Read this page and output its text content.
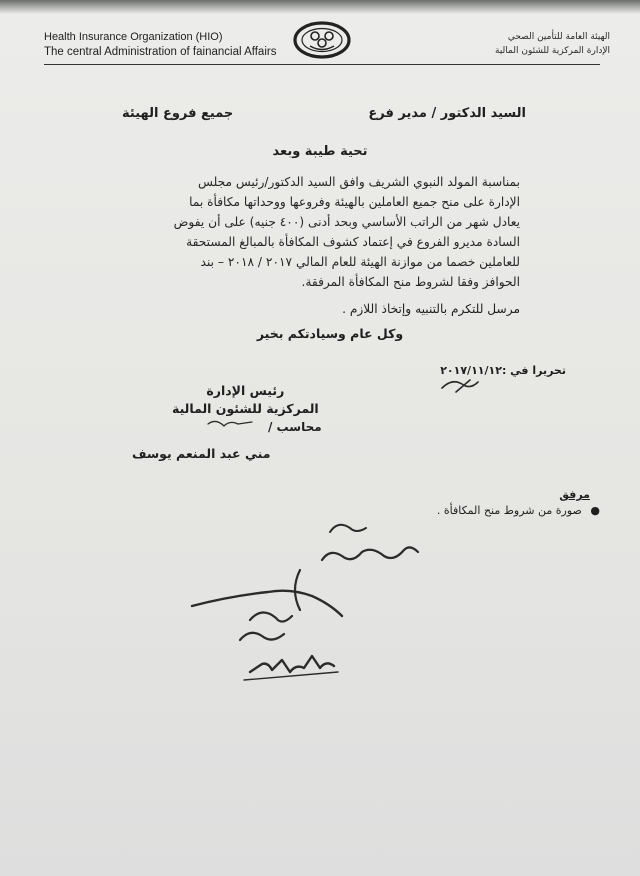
Health Insurance Organization (HIO)
The central Administration of fainancial Affairs
الهيئة العامة للتأمين الصحي
الإدارة المركزية للشئون المالية
السيد الدكتور / مدير فرع
جميع فروع الهيئة
تحية طيبة وبعد
بمناسبة المولد النبوي الشريف وافق السيد الدكتور/رئيس مجلس
الإدارة على منح جميع العاملين بالهيئة وفروعها ووحداتها مكافأة بما
يعادل شهر من الراتب الأساسي وبحد أدنى (٤٠٠ جنيه) على أن يفوض
السادة مديرو الفروع في إعتماد كشوف المكافأة بالمبالغ المستحقة
للعاملين خصما من موازنة الهيئة للعام المالي ٢٠١٧ / ٢٠١٨ – بند
الحوافز وفقا لشروط منح المكافأة المرفقة.
مرسل للتكرم بالتنبيه وإتخاذ اللازم .
وكل عام وسيادتكم بخير
تحريرا في :٢٠١٧/١١/١٢
رئيس الإدارة
المركزية للشئون المالية
محاسب /
مني عبد المنعم يوسف
مرفق
● صورة من شروط منح المكافأة .
